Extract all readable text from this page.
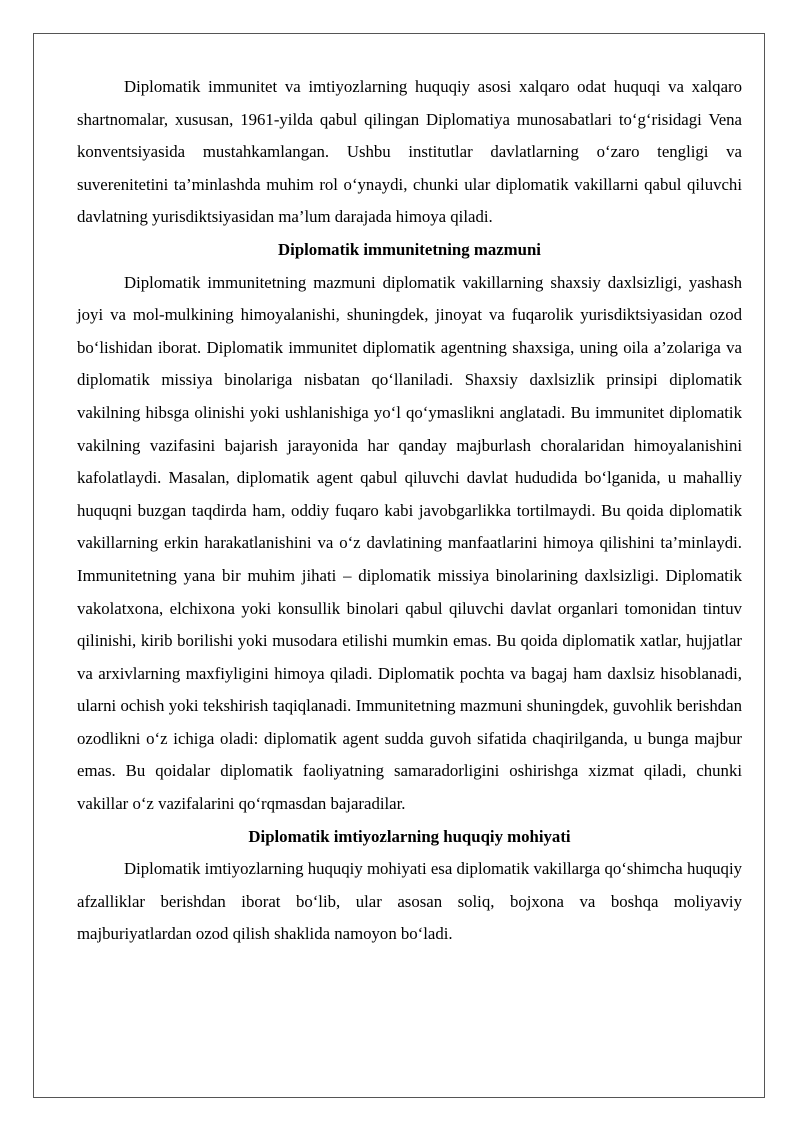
Diplomatik immunitet va imtiyozlarning huquqiy asosi xalqaro odat huquqi va xalqaro shartnomalar, xususan, 1961-yilda qabul qilingan Diplomatiya munosabatlari to‘g‘risidagi Vena konventsiyasida mustahkamlangan. Ushbu institutlar davlatlarning o‘zaro tengligi va suverenitetini ta’minlashda muhim rol o‘ynaydi, chunki ular diplomatik vakillarni qabul qiluvchi davlatning yurisdiktsiyasidan ma’lum darajada himoya qiladi.

Diplomatik immunitetning mazmuni

Diplomatik immunitetning mazmuni diplomatik vakillarning shaxsiy daxlsizligi, yashash joyi va mol-mulkining himoyalanishi, shuningdek, jinoyat va fuqarolik yurisdiktsiyasidan ozod bo‘lishidan iborat. Diplomatik immunitet diplomatik agentning shaxsiga, uning oila a’zolariga va diplomatik missiya binolariga nisbatan qo‘llaniladi. Shaxsiy daxlsizlik prinsipi diplomatik vakilning hibsga olinishi yoki ushlanishiga yo‘l qo‘ymaslikni anglatadi. Bu immunitet diplomatik vakilning vazifasini bajarish jarayonida har qanday majburlash choralaridan himoyalanishini kafolatlaydi. Masalan, diplomatik agent qabul qiluvchi davlat hududida bo‘lganida, u mahalliy huquqni buzgan taqdirda ham, oddiy fuqaro kabi javobgarlikka tortilmaydi. Bu qoida diplomatik vakillarning erkin harakatlanishini va o‘z davlatining manfaatlarini himoya qilishini ta’minlaydi. Immunitetning yana bir muhim jihati – diplomatik missiya binolarining daxlsizligi. Diplomatik vakolatxona, elchixona yoki konsullik binolari qabul qiluvchi davlat organlari tomonidan tintuv qilinishi, kirib borilishi yoki musodara etilishi mumkin emas. Bu qoida diplomatik xatlar, hujjatlar va arxivlarning maxfiyligini himoya qiladi. Diplomatik pochta va bagaj ham daxlsiz hisoblanadi, ularni ochish yoki tekshirish taqiqlanadi. Immunitetning mazmuni shuningdek, guvohlik berishdan ozodlikni o‘z ichiga oladi: diplomatik agent sudda guvoh sifatida chaqirilganda, u bunga majbur emas. Bu qoidalar diplomatik faoliyatning samaradorligini oshirishga xizmat qiladi, chunki vakillar o‘z vazifalarini qo‘rqmasdan bajaradilar.

Diplomatik imtiyozlarning huquqiy mohiyati

Diplomatik imtiyozlarning huquqiy mohiyati esa diplomatik vakillarga qo‘shimcha huquqiy afzalliklar berishdan iborat bo‘lib, ular asosan soliq, bojxona va boshqa moliyaviy majburiyatlardan ozod qilish shaklida namoyon bo‘ladi.
